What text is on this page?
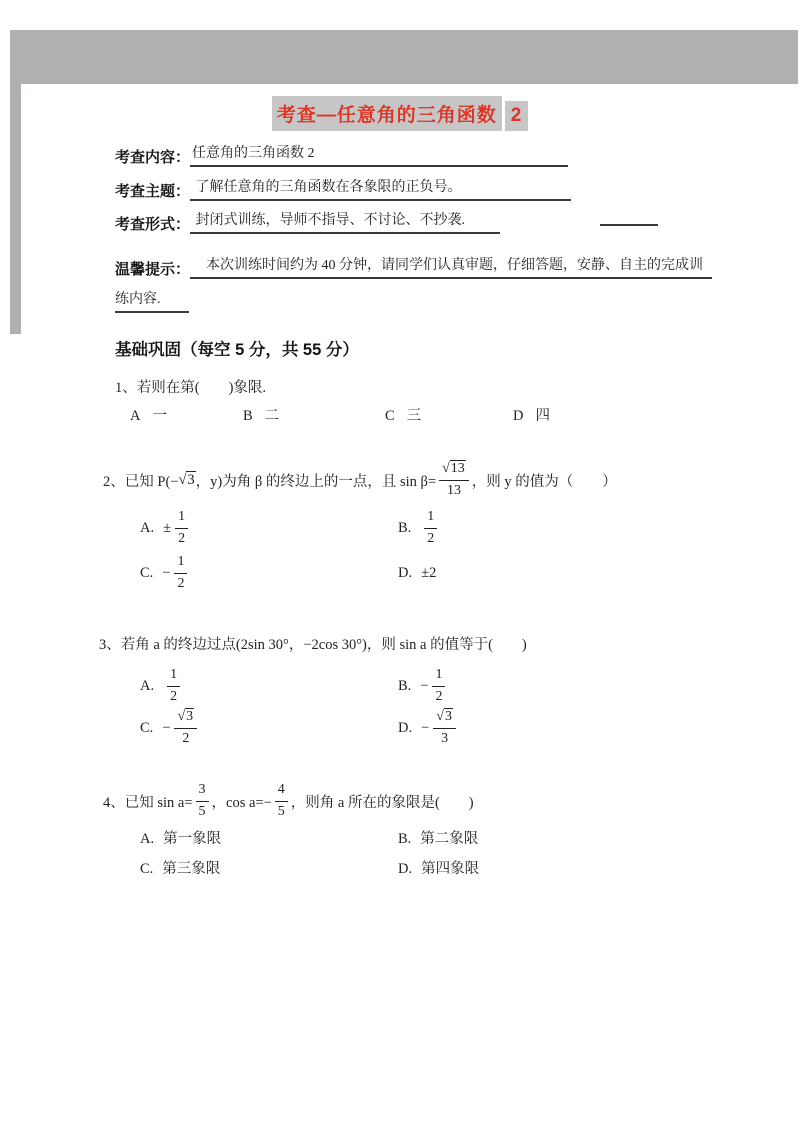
考查—任意角的三角函数 2
考查内容： 任意角的三角函数 2
考查主题： 了解任意角的三角函数在各象限的正负号。
考查形式： 封闭式训练，导师不指导、不讨论、不抄袭.
温馨提示：　本次训练时间约为 40 分钟，请同学们认真审题，仔细答题，安静、自主的完成训
练内容.
基础巩固（每空 5 分，共 55 分）
1、若则在第(　　)象限.
A 一	B 二	C 三	D 四
2、已知 P(− √3 ，y)为角 β 的终边上的一点，且 $\sin \beta= \frac{√13}{13}$ ，则 y 的值为（　　）
A. ± $\frac{1}{2}$	B. $\frac{1}{2}$
C. − $\frac{1}{2}$	D. ±2
3、若角 a 的终边过点(2sin 30°，−2cos 30°)，则 sin a 的值等于(　　)
A. $\frac{1}{2}$	B. − $\frac{1}{2}$
C. − $\frac{√3}{2}$	D. − $\frac{√3}{3}$
4、已知 $\sin a= \frac{3}{5}$ ，$\cos a=- \frac{4}{5}$ ，则角 a 所在的象限是(　　)
A. 第一象限	B. 第二象限
C. 第三象限	D. 第四象限
